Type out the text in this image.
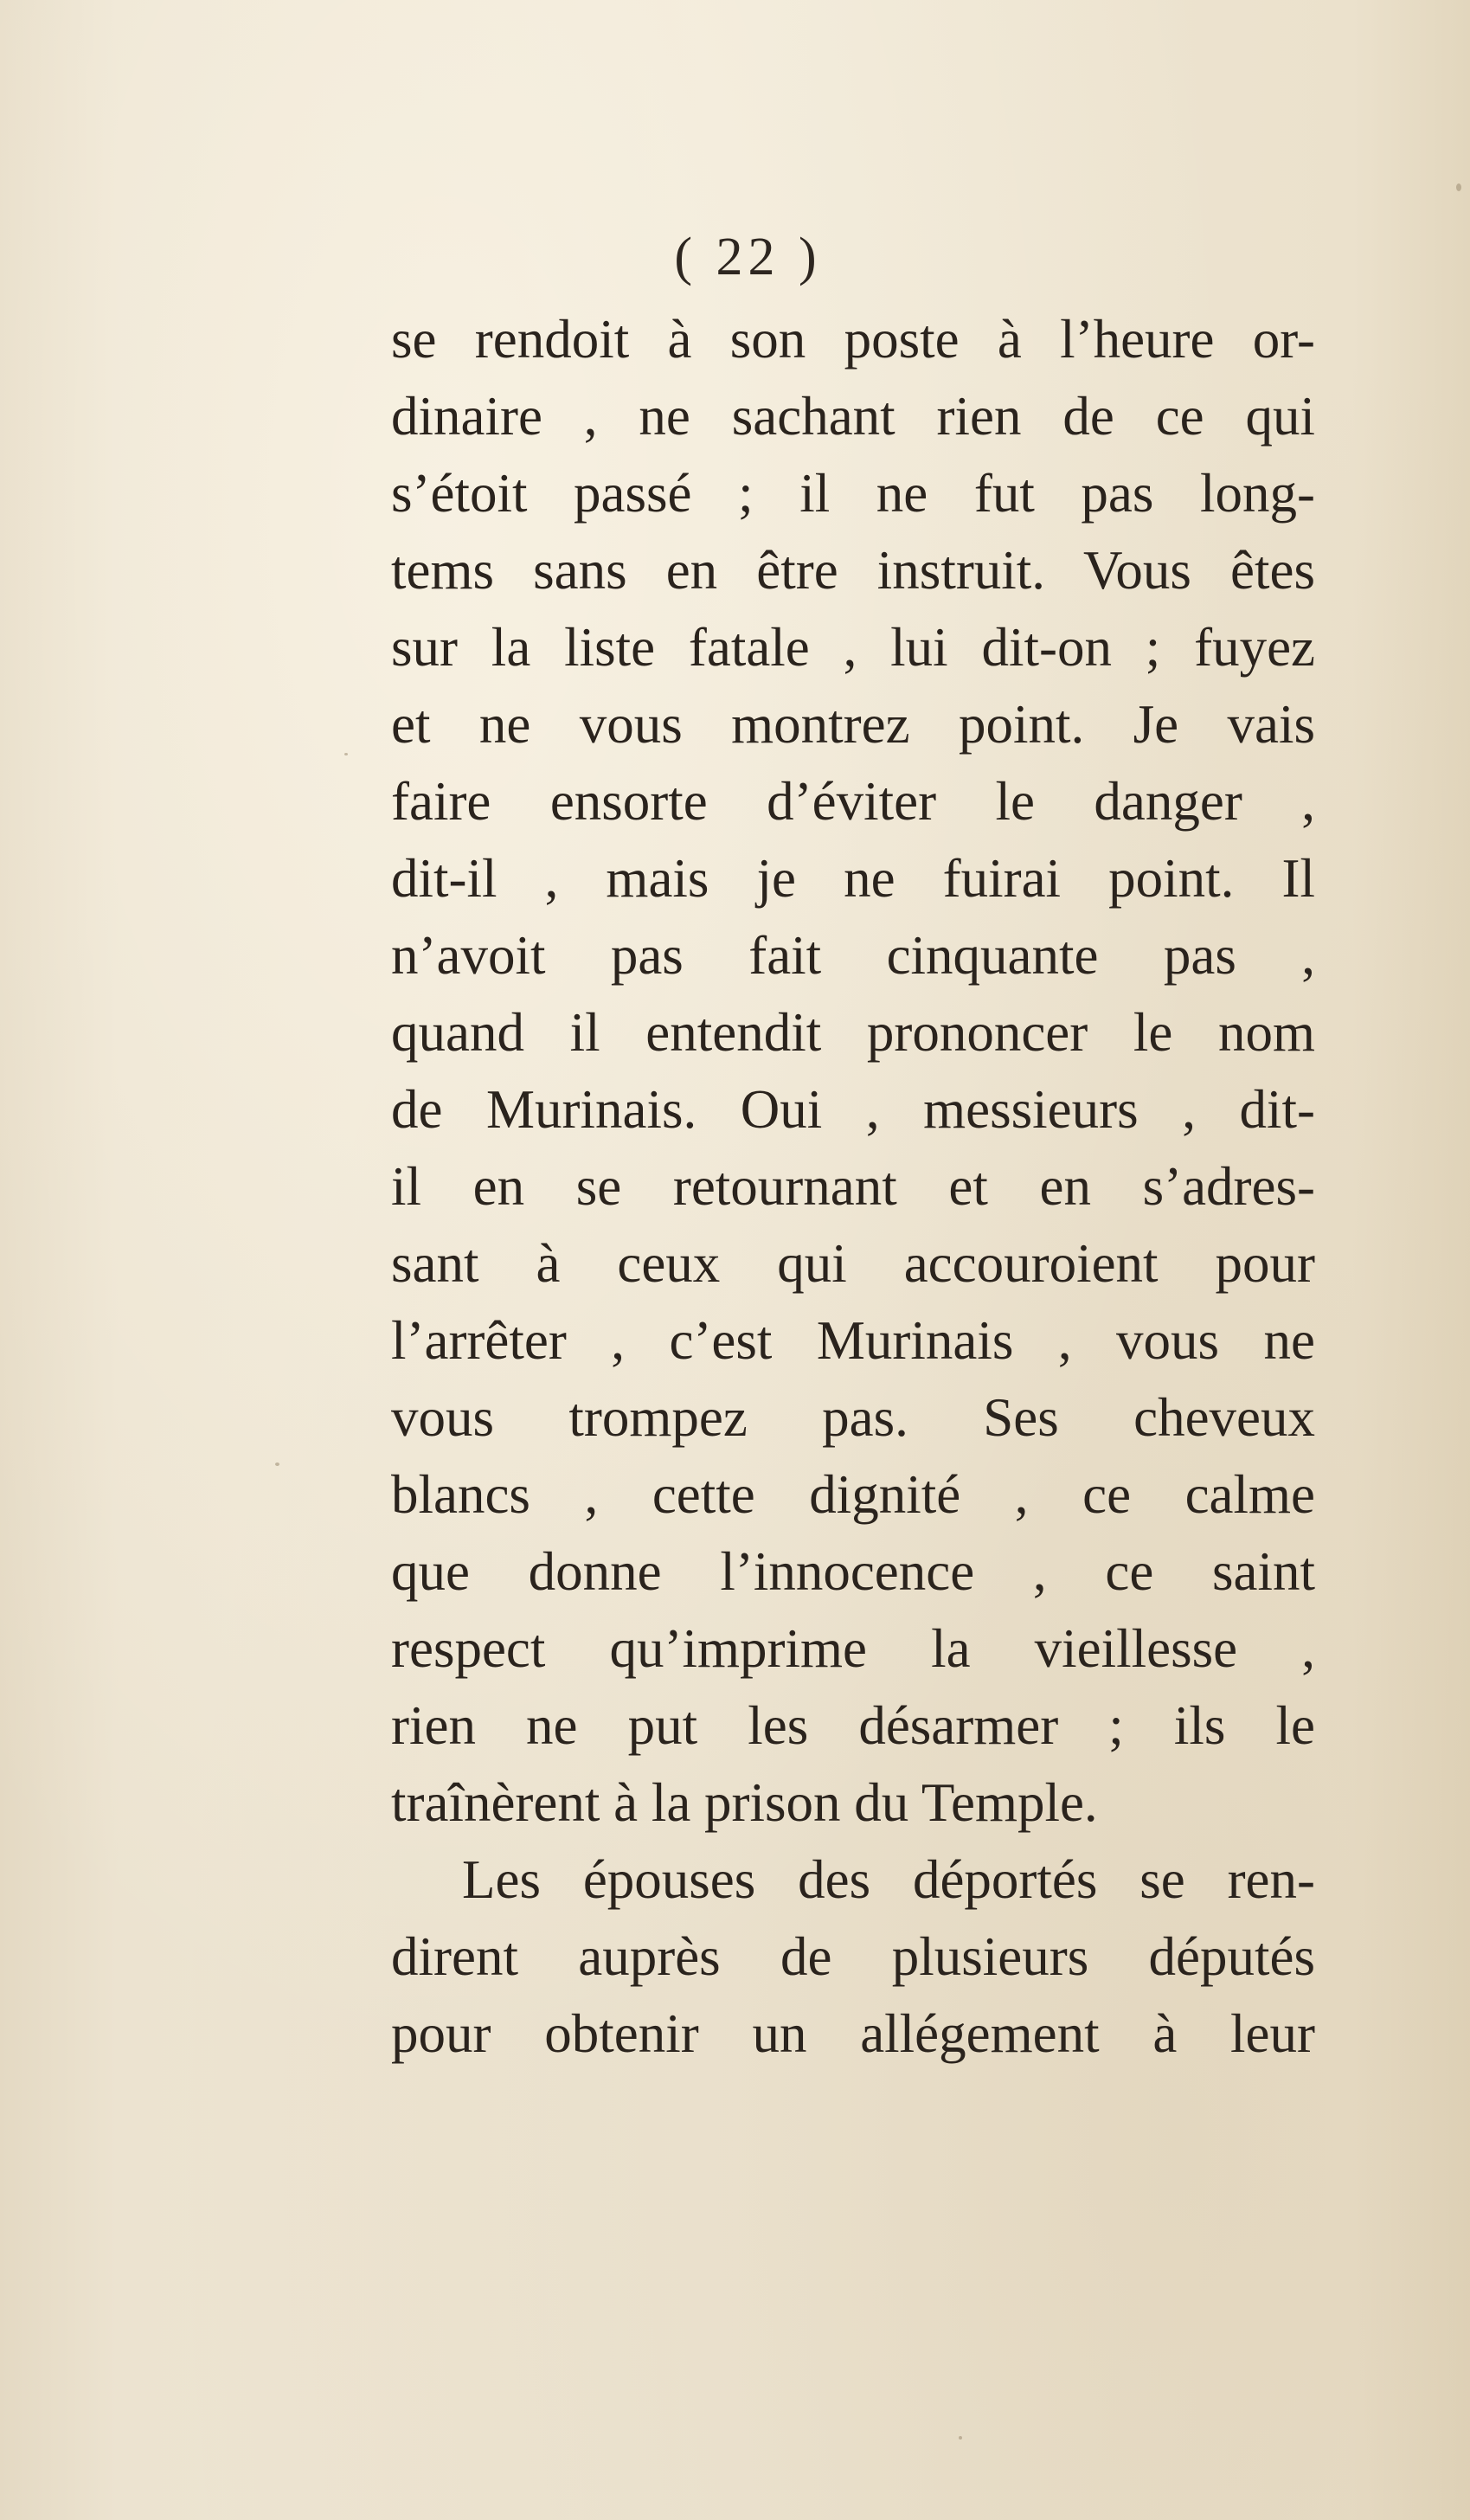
( 22 )
se rendoit à son poste à l’heure or-
dinaire , ne sachant rien de ce qui
s’étoit passé ; il ne fut pas long-
tems sans en être instruit. Vous êtes
sur la liste fatale , lui dit-on ; fuyez
et ne vous montrez point. Je vais
faire ensorte d’éviter le danger ,
dit-il , mais je ne fuirai point. Il
n’avoit pas fait cinquante pas ,
quand il entendit prononcer le nom
de Murinais. Oui , messieurs , dit-
il en se retournant et en s’adres-
sant à ceux qui accouroient pour
l’arrêter , c’est Murinais , vous ne
vous trompez pas. Ses cheveux
blancs , cette dignité , ce calme
que donne l’innocence , ce saint
respect qu’imprime la vieillesse ,
rien ne put les désarmer ; ils le
traînèrent à la prison du Temple.
Les épouses des déportés se ren-
dirent auprès de plusieurs députés
pour obtenir un allégement à leur
